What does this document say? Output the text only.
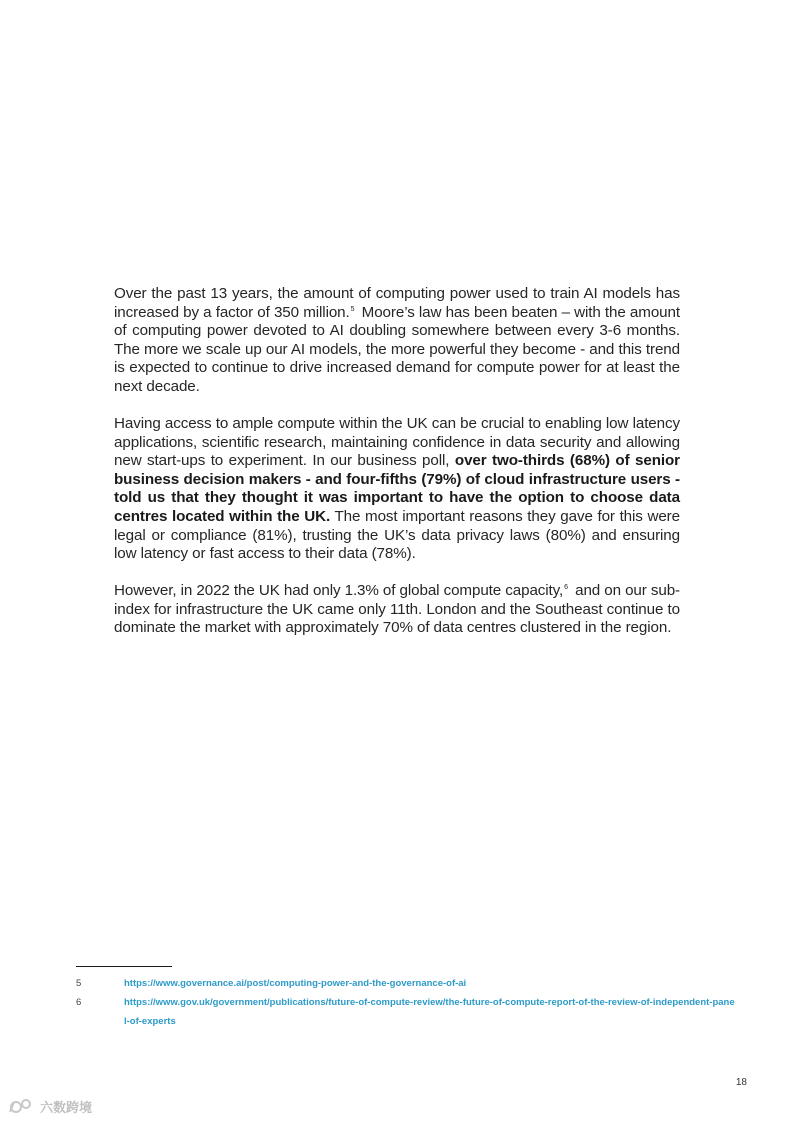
Over the past 13 years, the amount of computing power used to train AI models has increased by a factor of 350 million.$^5$ Moore’s law has been beaten – with the amount of computing power devoted to AI doubling somewhere between every 3-6 months. The more we scale up our AI models, the more powerful they become - and this trend is expected to continue to drive increased demand for compute power for at least the next decade.
Having access to ample compute within the UK can be crucial to enabling low latency applications, scientific research, maintaining confidence in data security and allowing new start-ups to experiment. In our business poll, over two-thirds (68%) of senior business decision makers - and four-fifths (79%) of cloud infrastructure users - told us that they thought it was important to have the option to choose data centres located within the UK. The most important reasons they gave for this were legal or compliance (81%), trusting the UK’s data privacy laws (80%) and ensuring low latency or fast access to their data (78%).
However, in 2022 the UK had only 1.3% of global compute capacity,$^6$ and on our sub-index for infrastructure the UK came only 11th. London and the Southeast continue to dominate the market with approximately 70% of data centres clustered in the region.
5	https://www.governance.ai/post/computing-power-and-the-governance-of-ai
6	https://www.gov.uk/government/publications/future-of-compute-review/the-future-of-compute-report-of-the-review-of-independent-panel-of-experts
18
六数跨境
